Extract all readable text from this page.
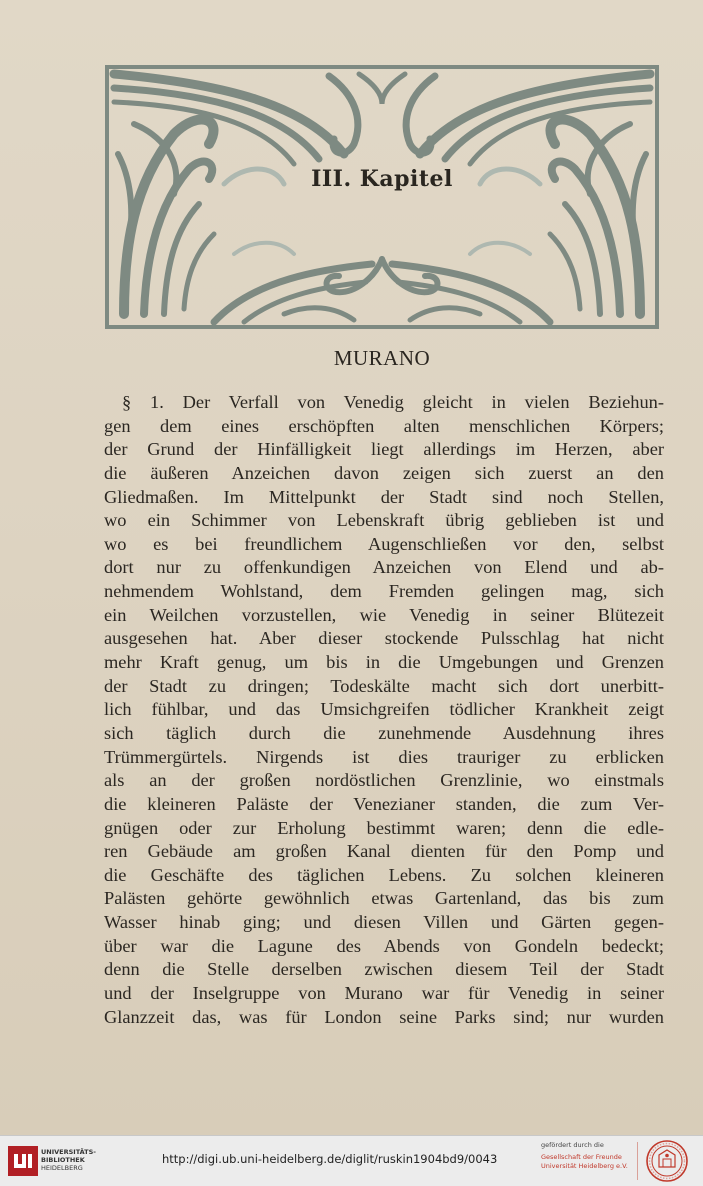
III. Kapitel
MURANO
§ 1. Der Verfall von Venedig gleicht in vielen Beziehun-
gen dem eines erschöpften alten menschlichen Körpers;
der Grund der Hinfälligkeit liegt allerdings im Herzen, aber
die äußeren Anzeichen davon zeigen sich zuerst an den
Gliedmaßen. Im Mittelpunkt der Stadt sind noch Stellen,
wo ein Schimmer von Lebenskraft übrig geblieben ist und
wo es bei freundlichem Augenschließen vor den, selbst
dort nur zu offenkundigen Anzeichen von Elend und ab-
nehmendem Wohlstand, dem Fremden gelingen mag, sich
ein Weilchen vorzustellen, wie Venedig in seiner Blütezeit
ausgesehen hat. Aber dieser stockende Pulsschlag hat nicht
mehr Kraft genug, um bis in die Umgebungen und Grenzen
der Stadt zu dringen; Todeskälte macht sich dort unerbitt-
lich fühlbar, und das Umsichgreifen tödlicher Krankheit zeigt
sich täglich durch die zunehmende Ausdehnung ihres
Trümmergürtels. Nirgends ist dies trauriger zu erblicken
als an der großen nordöstlichen Grenzlinie, wo einstmals
die kleineren Paläste der Venezianer standen, die zum Ver-
gnügen oder zur Erholung bestimmt waren; denn die edle-
ren Gebäude am großen Kanal dienten für den Pomp und
die Geschäfte des täglichen Lebens. Zu solchen kleineren
Palästen gehörte gewöhnlich etwas Gartenland, das bis zum
Wasser hinab ging; und diesen Villen und Gärten gegen-
über war die Lagune des Abends von Gondeln bedeckt;
denn die Stelle derselben zwischen diesem Teil der Stadt
und der Inselgruppe von Murano war für Venedig in seiner
Glanzzeit das, was für London seine Parks sind; nur wurden
UNIVERSITÄTS-
BIBLIOTHEK
HEIDELBERG
http://digi.ub.uni-heidelberg.de/diglit/ruskin1904bd9/0043
gefördert durch die
Gesellschaft der Freunde
Universität Heidelberg e.V.
